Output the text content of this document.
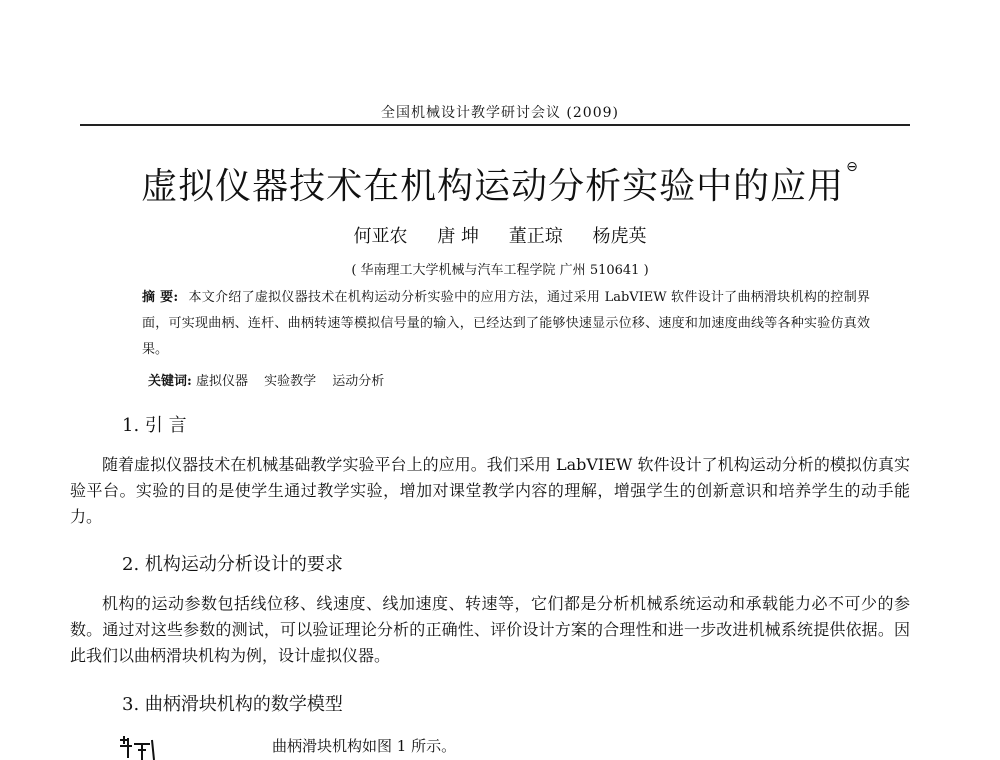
全国机械设计教学研讨会议 (2009)
虚拟仪器技术在机构运动分析实验中的应用 ⊖
何亚农 唐 坤 董正琼 杨虎英
( 华南理工大学机械与汽车工程学院 广州 510641 )
摘 要: 本文介绍了虚拟仪器技术在机构运动分析实验中的应用方法，通过采用 LabVIEW 软件设计了曲柄滑块机构的控制界面，可实现曲柄、连杆、曲柄转速等模拟信号量的输入，已经达到了能够快速显示位移、速度和加速度曲线等各种实验仿真效果。
关键词: 虚拟仪器 实验教学 运动分析
1. 引 言
随着虚拟仪器技术在机械基础教学实验平台上的应用。我们采用 LabVIEW 软件设计了机构运动分析的模拟仿真实验平台。实验的目的是使学生通过教学实验，增加对课堂教学内容的理解，增强学生的创新意识和培养学生的动手能力。
2. 机构运动分析设计的要求
机构的运动参数包括线位移、线速度、线加速度、转速等，它们都是分析机械系统运动和承载能力必不可少的参数。通过对这些参数的测试，可以验证理论分析的正确性、评价设计方案的合理性和进一步改进机械系统提供依据。因此我们以曲柄滑块机构为例，设计虚拟仪器。
3. 曲柄滑块机构的数学模型
曲柄滑块机构如图 1 所示。
